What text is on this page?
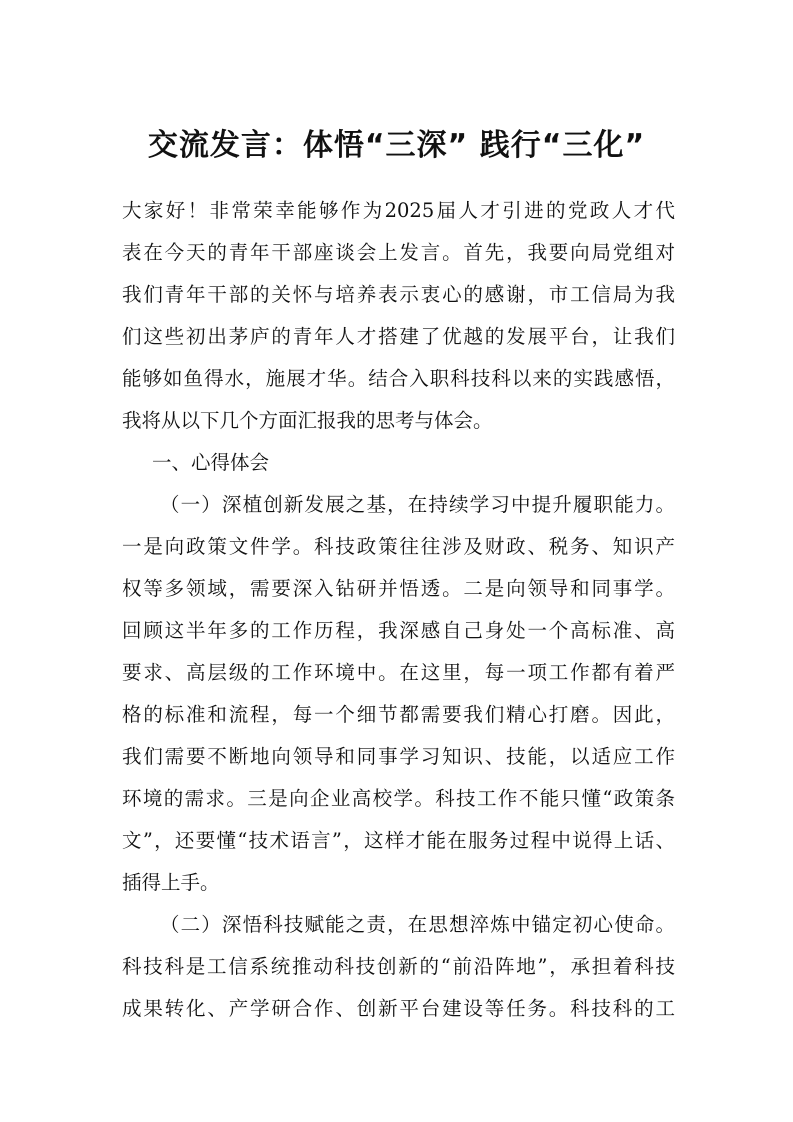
交流发言：体悟“三深” 践行“三化”
大家好！非常荣幸能够作为2025届人才引进的党政人才代
表在今天的青年干部座谈会上发言。首先，我要向局党组对
我们青年干部的关怀与培养表示衷心的感谢，市工信局为我
们这些初出茅庐的青年人才搭建了优越的发展平台，让我们
能够如鱼得水，施展才华。结合入职科技科以来的实践感悟，
我将从以下几个方面汇报我的思考与体会。
一、心得体会
（一）深植创新发展之基，在持续学习中提升履职能力。
一是向政策文件学。科技政策往往涉及财政、税务、知识产
权等多领域，需要深入钻研并悟透。二是向领导和同事学。
回顾这半年多的工作历程，我深感自己身处一个高标准、高
要求、高层级的工作环境中。在这里，每一项工作都有着严
格的标准和流程，每一个细节都需要我们精心打磨。因此，
我们需要不断地向领导和同事学习知识、技能，以适应工作
环境的需求。三是向企业高校学。科技工作不能只懂“政策条
文”，还要懂“技术语言”，这样才能在服务过程中说得上话、
插得上手。
（二）深悟科技赋能之责，在思想淬炼中锚定初心使命。
科技科是工信系统推动科技创新的“前沿阵地”，承担着科技
成果转化、产学研合作、创新平台建设等任务。科技科的工
